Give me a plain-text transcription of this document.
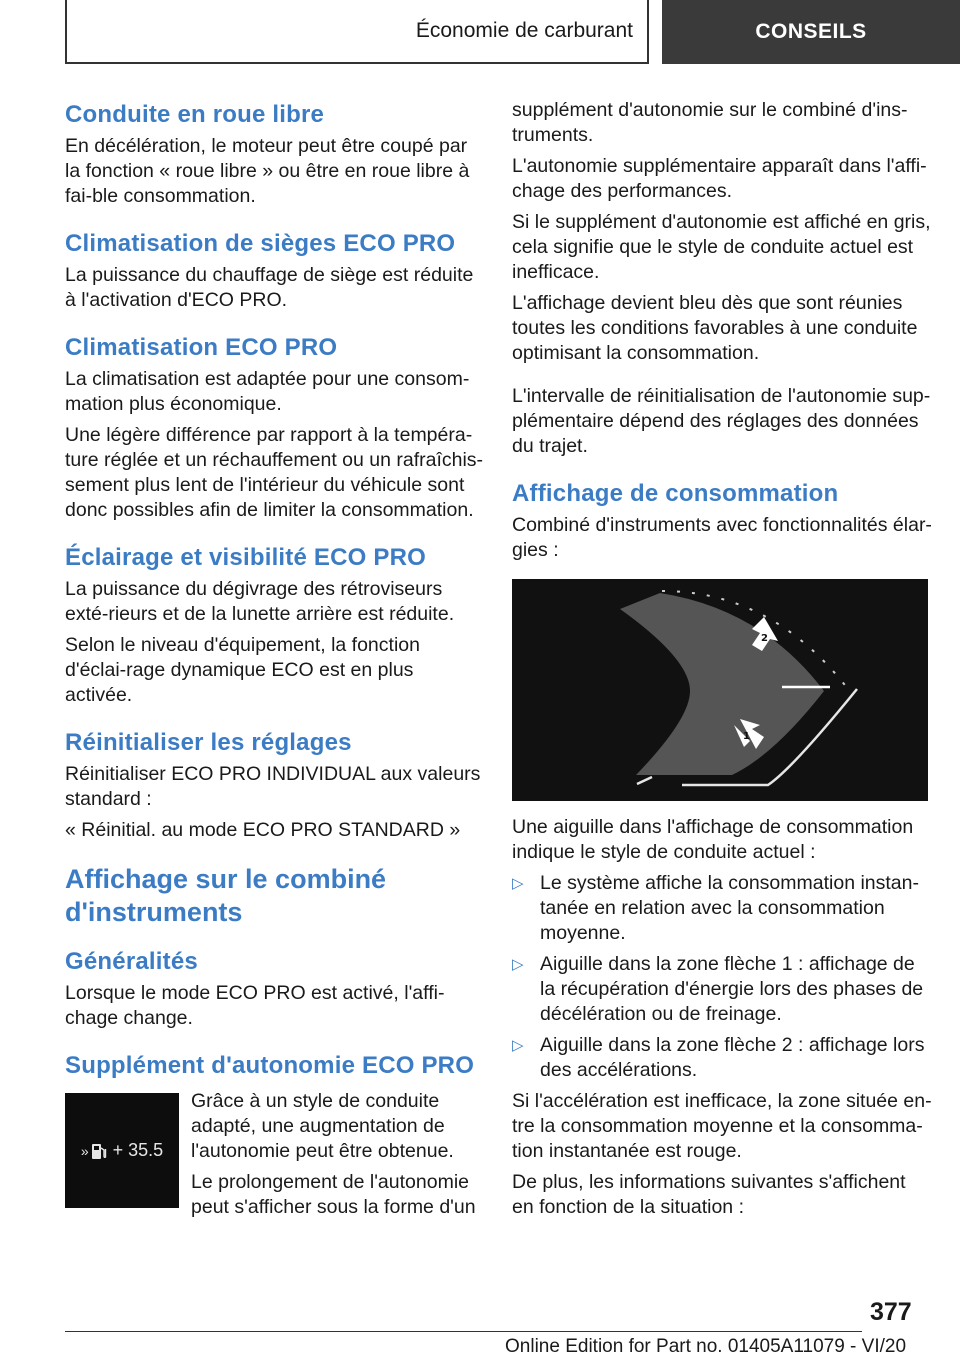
Économie de carburant	CONSEILS
Conduite en roue libre

En décélération, le moteur peut être coupé par la fonction « roue libre » ou être en roue libre à fai-ble consommation.

Climatisation de sièges ECO PRO

La puissance du chauffage de siège est réduite à l'activation d'ECO PRO.

Climatisation ECO PRO

La climatisation est adaptée pour une consom-mation plus économique.

Une légère différence par rapport à la tempéra-ture réglée et un réchauffement ou un rafraîchis-sement plus lent de l'intérieur du véhicule sont donc possibles afin de limiter la consommation.

Éclairage et visibilité ECO PRO

La puissance du dégivrage des rétroviseurs exté-rieurs et de la lunette arrière est réduite.

Selon le niveau d'équipement, la fonction d'éclai-rage dynamique ECO est en plus activée.

Réinitialiser les réglages

Réinitialiser ECO PRO INDIVIDUAL aux valeurs standard :

« Réinitial. au mode ECO PRO STANDARD »

Affichage sur le combiné d'instruments
Généralités

Lorsque le mode ECO PRO est activé, l'affi-chage change.

Supplément d'autonomie ECO PRO
» + 35.5

Grâce à un style de conduite adapté, une augmentation de l'autonomie peut être obtenue.

Le prolongement de l'autonomie peut s'afficher sous la forme d'un

supplément d'autonomie sur le combiné d'ins-truments.

L'autonomie supplémentaire apparaît dans l'affi-chage des performances.

Si le supplément d'autonomie est affiché en gris, cela signifie que le style de conduite actuel est inefficace.

L'affichage devient bleu dès que sont réunies toutes les conditions favorables à une conduite optimisant la consommation.

L'intervalle de réinitialisation de l'autonomie sup-plémentaire dépend des réglages des données du trajet.

Affichage de consommation

Combiné d'instruments avec fonctionnalités élar-gies :

2
1

Une aiguille dans l'affichage de consommation indique le style de conduite actuel :

▷ Le système affiche la consommation instan-tanée en relation avec la consommation moyenne.
▷ Aiguille dans la zone flèche 1 : affichage de la récupération d'énergie lors des phases de décélération ou de freinage.
▷ Aiguille dans la zone flèche 2 : affichage lors des accélérations.

Si l'accélération est inefficace, la zone située en-tre la consommation moyenne et la consomma-tion instantanée est rouge.

De plus, les informations suivantes s'affichent en fonction de la situation :

377
Online Edition for Part no. 01405A11079 - VI/20
